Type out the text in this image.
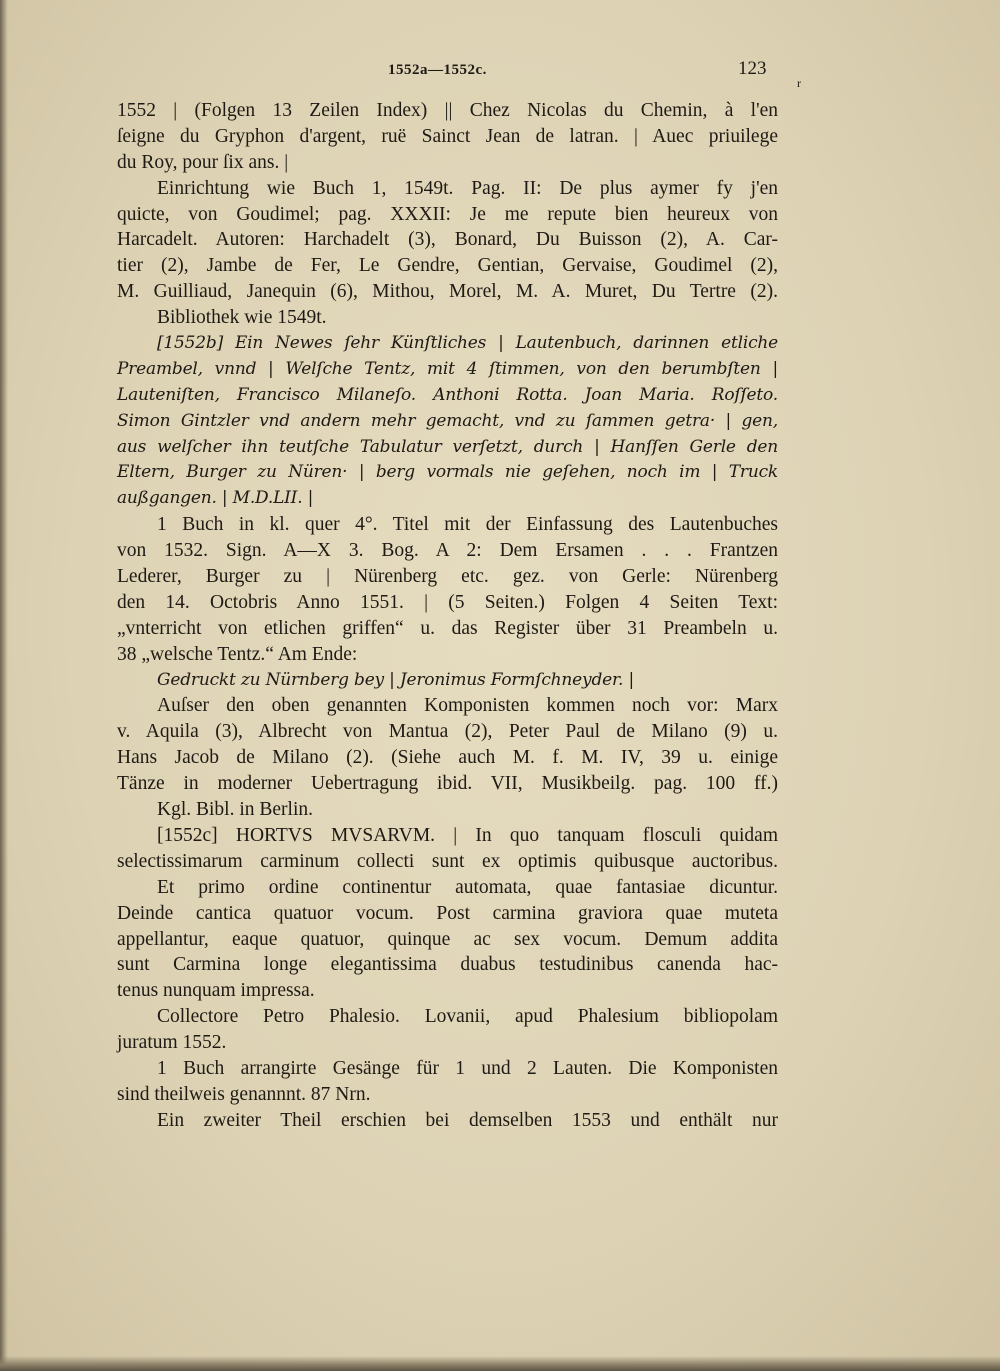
1552a—1552c.	123
r
1552 | (Folgen 13 Zeilen Index) || Chez Nicolas du Chemin, à l'en
ſeigne du Gryphon d'argent, ruë Sainct Jean de latran. | Auec priuilege
du Roy, pour ſix ans. |
Einrichtung wie Buch 1, 1549t. Pag. II: De plus aymer fy j'en
quicte, von Goudimel; pag. XXXII: Je me repute bien heureux von
Harcadelt. Autoren: Harchadelt (3), Bonard, Du Buisson (2), A. Car-
tier (2), Jambe de Fer, Le Gendre, Gentian, Gervaise, Goudimel (2),
M. Guilliaud, Janequin (6), Mithou, Morel, M. A. Muret, Du Tertre (2).
Bibliothek wie 1549t.
[1552b] Ein Newes ſehr Künſtliches | Lautenbuch, darinnen etliche
Preambel, vnnd | Welſche Tentz, mit 4 ſtimmen, von den berumbſten |
Lauteniſten, Francisco Milaneſo. Anthoni Rotta. Joan Maria. Roſſeto.
Simon Gintzler vnd andern mehr gemacht, vnd zu ſammen getra· | gen,
aus welſcher ihn teutſche Tabulatur verſetzt, durch | Hanſſen Gerle den
Eltern, Burger zu Nüren· | berg vormals nie geſehen, noch im | Truck
außgangen. | M.D.LII. |
1 Buch in kl. quer 4°. Titel mit der Einfassung des Lautenbuches
von 1532. Sign. A—X 3. Bog. A 2: Dem Ersamen . . . Frantzen
Lederer, Burger zu | Nürenberg etc. gez. von Gerle: Nürenberg
den 14. Octobris Anno 1551. | (5 Seiten.) Folgen 4 Seiten Text:
„vnterricht von etlichen griffen“ u. das Register über 31 Preambeln u.
38 „welsche Tentz.“ Am Ende:
Gedruckt zu Nürnberg bey | Jeronimus Formſchneyder. |
Auſser den oben genannten Komponisten kommen noch vor: Marx
v. Aquila (3), Albrecht von Mantua (2), Peter Paul de Milano (9) u.
Hans Jacob de Milano (2). (Siehe auch M. f. M. IV, 39 u. einige
Tänze in moderner Uebertragung ibid. VII, Musikbeilg. pag. 100 ff.)
Kgl. Bibl. in Berlin.
[1552c] HORTVS MVSARVM. | In quo tanquam flosculi quidam
selectissimarum carminum collecti sunt ex optimis quibusque auctoribus.
Et primo ordine continentur automata, quae fantasiae dicuntur.
Deinde cantica quatuor vocum. Post carmina graviora quae muteta
appellantur, eaque quatuor, quinque ac sex vocum. Demum addita
sunt Carmina longe elegantissima duabus testudinibus canenda hac-
tenus nunquam impressa.
Collectore Petro Phalesio. Lovanii, apud Phalesium bibliopolam
juratum 1552.
1 Buch arrangirte Gesänge für 1 und 2 Lauten. Die Komponisten
sind theilweis genannnt. 87 Nrn.
Ein zweiter Theil erschien bei demselben 1553 und enthält nur
